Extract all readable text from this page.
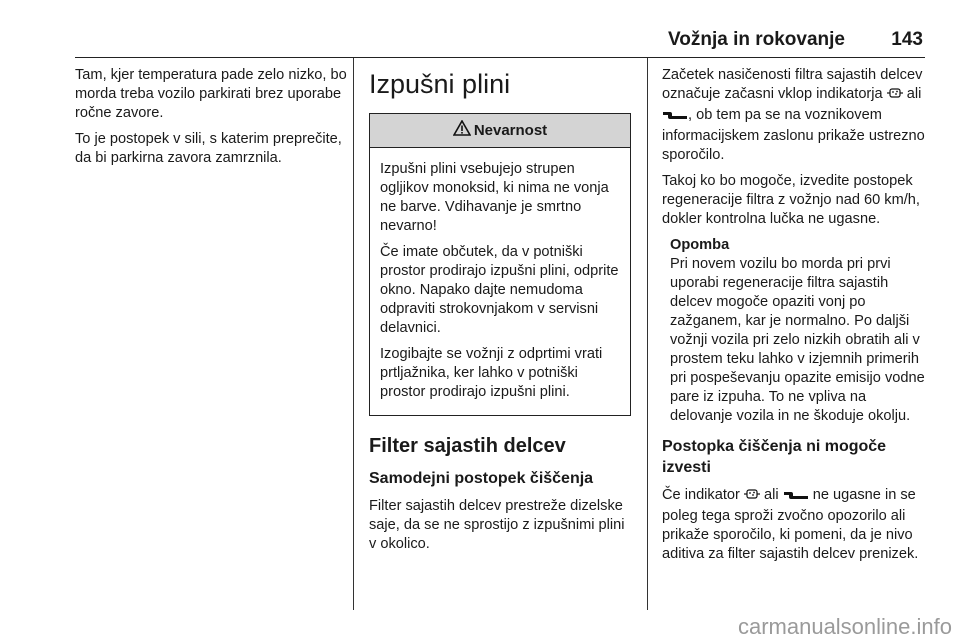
Vožnja in rokovanje 143

Tam, kjer temperatura pade zelo nizko, bo morda treba vozilo parkirati brez uporabe ročne zavore.

To je postopek v sili, s katerim preprečite, da bi parkirna zavora zamrznila.

Izpušni plini
Nevarnost

Izpušni plini vsebujejo strupen ogljikov monoksid, ki nima ne vonja ne barve. Vdihavanje je smrtno nevarno!

Če imate občutek, da v potniški prostor prodirajo izpušni plini, odprite okno. Napako dajte nemudoma odpraviti strokovnjakom v servisni delavnici.

Izogibajte se vožnji z odprtimi vrati prtljažnika, ker lahko v potniški prostor prodirajo izpušni plini.

Filter sajastih delcev
Samodejni postopek čiščenja

Filter sajastih delcev prestreže dizelske saje, da se ne sprostijo z izpušnimi plini v okolico.

Začetek nasičenosti filtra sajastih delcev označuje začasni vklop indikatorja ali , ob tem pa se na voznikovem informacijskem zaslonu prikaže ustrezno sporočilo.

Takoj ko bo mogoče, izvedite postopek regeneracije filtra z vožnjo nad 60 km/h, dokler kontrolna lučka ne ugasne.

Opomba
Pri novem vozilu bo morda pri prvi uporabi regeneracije filtra sajastih delcev mogoče opaziti vonj po zažganem, kar je normalno. Po daljši vožnji vozila pri zelo nizkih obratih ali v prostem teku lahko v izjemnih primerih pri pospeševanju opazite emisijo vodne pare iz izpuha. To ne vpliva na delovanje vozila in ne škoduje okolju.
Postopka čiščenja ni mogoče izvesti

Če indikator ali ne ugasne in se poleg tega sproži zvočno opozorilo ali prikaže sporočilo, ki pomeni, da je nivo aditiva za filter sajastih delcev prenizek.

carmanualsonline.info
